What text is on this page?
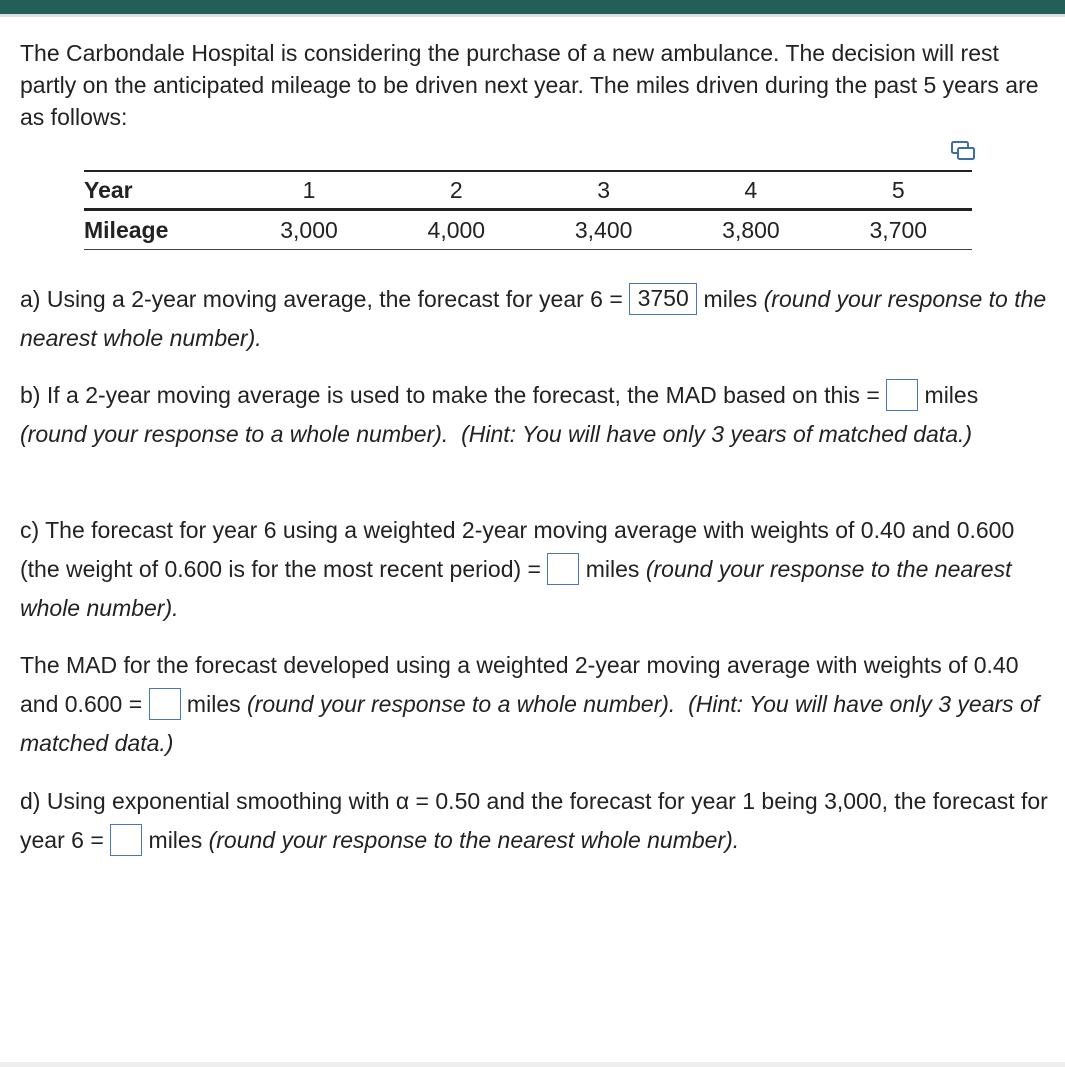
The Carbondale Hospital is considering the purchase of a new ambulance. The decision will rest partly on the anticipated mileage to be driven next year. The miles driven during the past 5 years are as follows:

Year	1	2	3	4	5
Mileage	3,000	4,000	3,400	3,800	3,700

a) Using a 2-year moving average, the forecast for year 6 = 3750 miles (round your response to the nearest whole number).

b) If a 2-year moving average is used to make the forecast, the MAD based on this =  miles (round your response to a whole number). (Hint: You will have only 3 years of matched data.)

c) The forecast for year 6 using a weighted 2-year moving average with weights of 0.40 and 0.600 (the weight of 0.600 is for the most recent period) =  miles (round your response to the nearest whole number).

The MAD for the forecast developed using a weighted 2-year moving average with weights of 0.40 and 0.600 =  miles (round your response to a whole number). (Hint: You will have only 3 years of matched data.)

d) Using exponential smoothing with α = 0.50 and the forecast for year 1 being 3,000, the forecast for year 6 =  miles (round your response to the nearest whole number).
